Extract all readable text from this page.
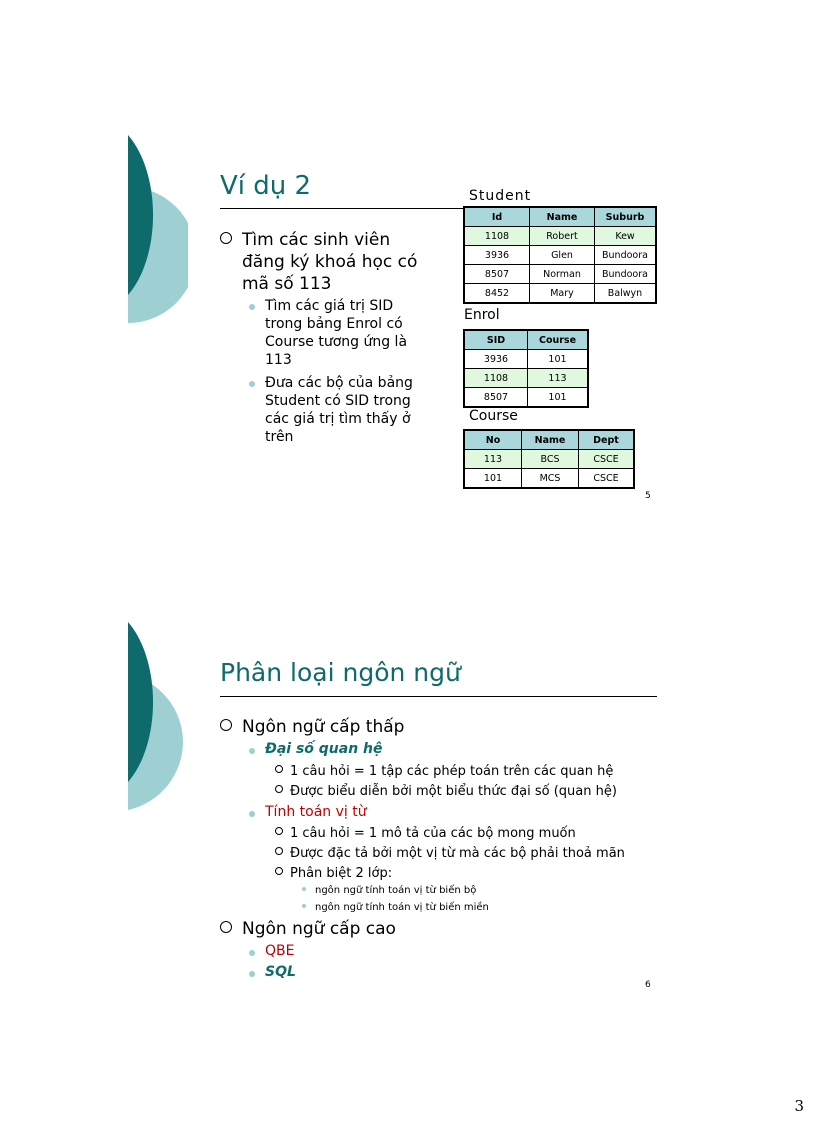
Ví dụ 2
Tìm các sinh viên
đăng ký khoá học có
mã số 113
Tìm các giá trị SID
trong bảng Enrol có
Course tương ứng là
113
Đưa các bộ của bảng
Student có SID trong
các giá trị tìm thấy ở
trên
Student
Id	Name	Suburb
1108	Robert	Kew
3936	Glen	Bundoora
8507	Norman	Bundoora
8452	Mary	Balwyn
Enrol
SID	Course
3936	101
1108	113
8507	101
Course
No	Name	Dept
113	BCS	CSCE
101	MCS	CSCE
5
Phân loại ngôn ngữ
Ngôn ngữ cấp thấp
Đại số quan hệ
1 câu hỏi = 1 tập các phép toán trên các quan hệ
Được biểu diễn bởi một biểu thức đại số (quan hệ)
Tính toán vị từ
1 câu hỏi = 1 mô tả của các bộ mong muốn
Được đặc tả bởi một vị từ mà các bộ phải thoả mãn
Phân biệt 2 lớp:
ngôn ngữ tính toán vị từ biến bộ
ngôn ngữ tính toán vị từ biến miền
Ngôn ngữ cấp cao
QBE
SQL
6
3
